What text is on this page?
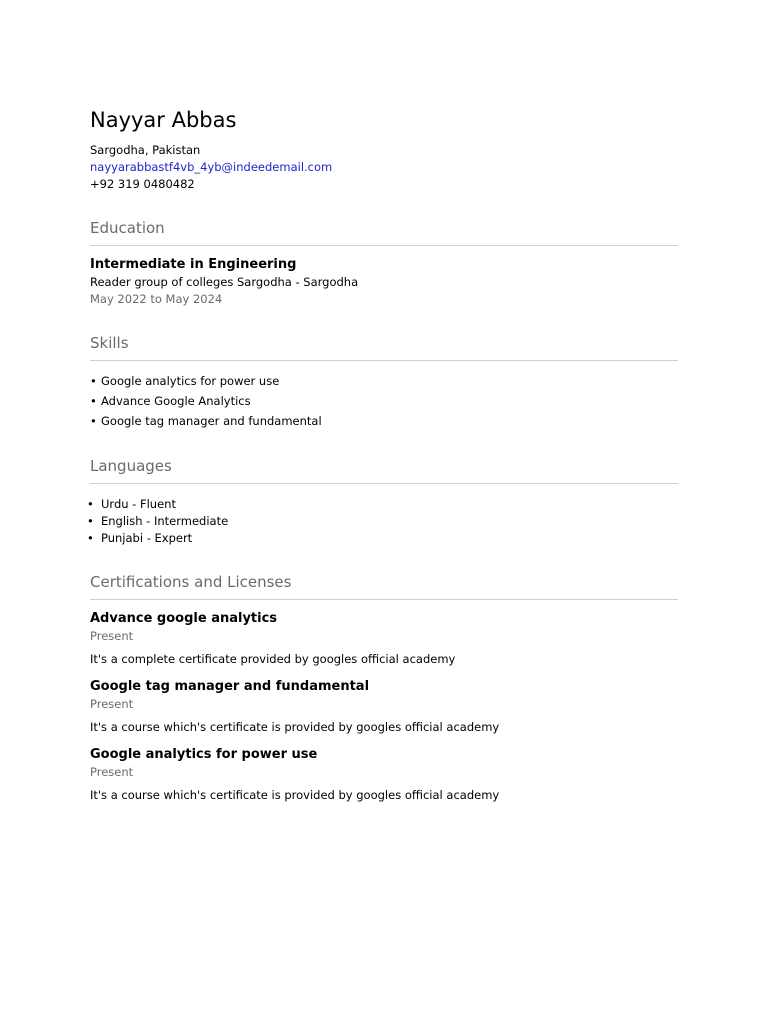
Nayyar Abbas
Sargodha, Pakistan
nayyarabbastf4vb_4yb@indeedemail.com
+92 319 0480482
Education
Intermediate in Engineering
Reader group of colleges Sargodha - Sargodha
May 2022 to May 2024
Skills
• Google analytics for power use
• Advance Google Analytics
• Google tag manager and fundamental
Languages
• Urdu - Fluent
• English - Intermediate
• Punjabi - Expert
Certifications and Licenses
Advance google analytics
Present
It's a complete certificate provided by googles official academy
Google tag manager and fundamental
Present
It's a course which's certificate is provided by googles official academy
Google analytics for power use
Present
It's a course which's certificate is provided by googles official academy
